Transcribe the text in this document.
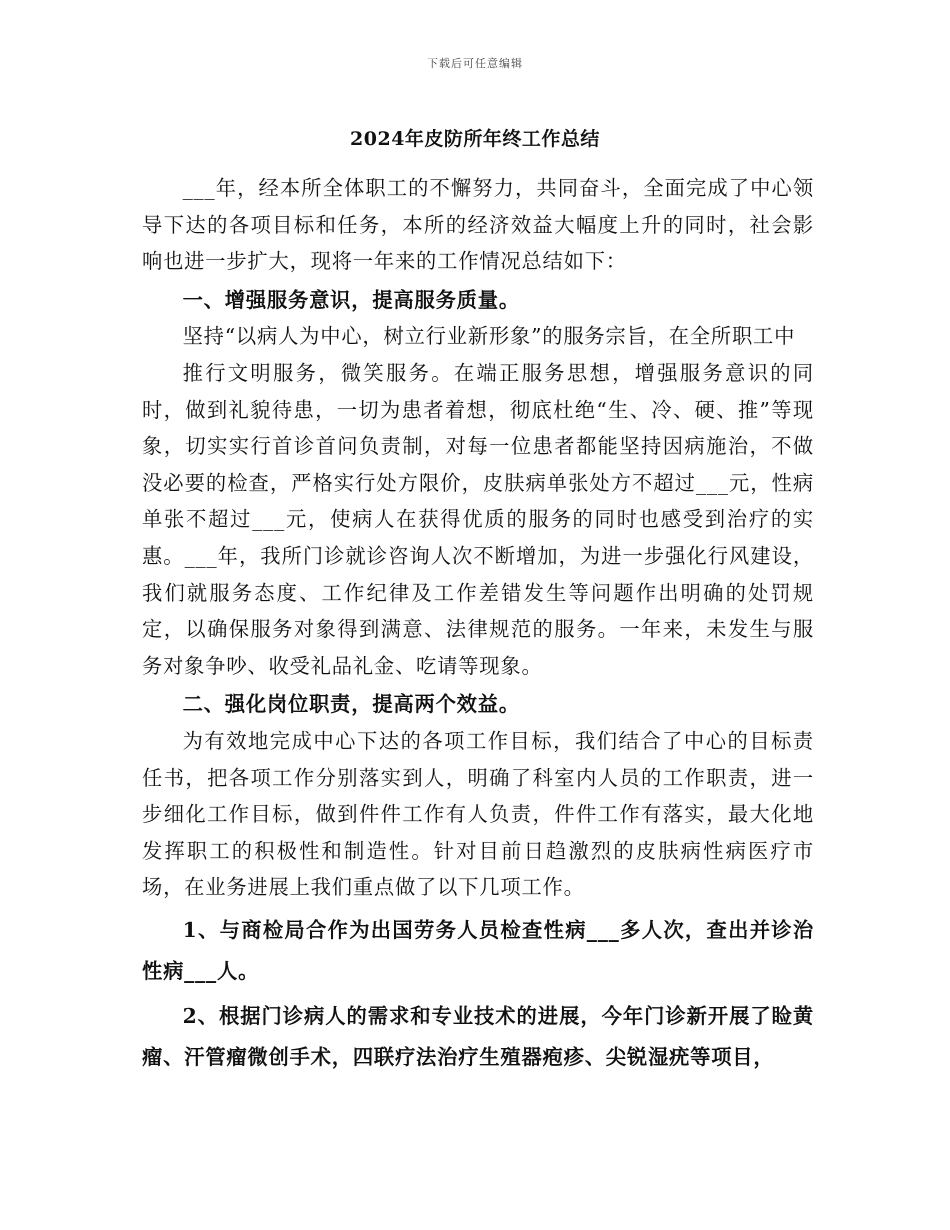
下载后可任意编辑
2024年皮防所年终工作总结

___年，经本所全体职工的不懈努力，共同奋斗，全面完成了中心领导下达的各项目标和任务，本所的经济效益大幅度上升的同时，社会影响也进一步扩大，现将一年来的工作情况总结如下：

一、增强服务意识，提高服务质量。

坚持“以病人为中心，树立行业新形象”的服务宗旨，在全所职工中

推行文明服务，微笑服务。在端正服务思想，增强服务意识的同时，做到礼貌待患，一切为患者着想，彻底杜绝“生、冷、硬、推”等现象，切实实行首诊首问负责制，对每一位患者都能坚持因病施治，不做没必要的检查，严格实行处方限价，皮肤病单张处方不超过___元，性病单张不超过___元，使病人在获得优质的服务的同时也感受到治疗的实惠。___年，我所门诊就诊咨询人次不断增加，为进一步强化行风建设，我们就服务态度、工作纪律及工作差错发生等问题作出明确的处罚规定，以确保服务对象得到满意、法律规范的服务。一年来，未发生与服务对象争吵、收受礼品礼金、吃请等现象。

二、强化岗位职责，提高两个效益。

为有效地完成中心下达的各项工作目标，我们结合了中心的目标责任书，把各项工作分别落实到人，明确了科室内人员的工作职责，进一步细化工作目标，做到件件工作有人负责，件件工作有落实，最大化地发挥职工的积极性和制造性。针对目前日趋激烈的皮肤病性病医疗市场，在业务进展上我们重点做了以下几项工作。

1、与商检局合作为出国劳务人员检查性病___多人次，查出并诊治性病___人。

2、根据门诊病人的需求和专业技术的进展，今年门诊新开展了睑黄瘤、汗管瘤微创手术，四联疗法治疗生殖器疱疹、尖锐湿疣等项目，
